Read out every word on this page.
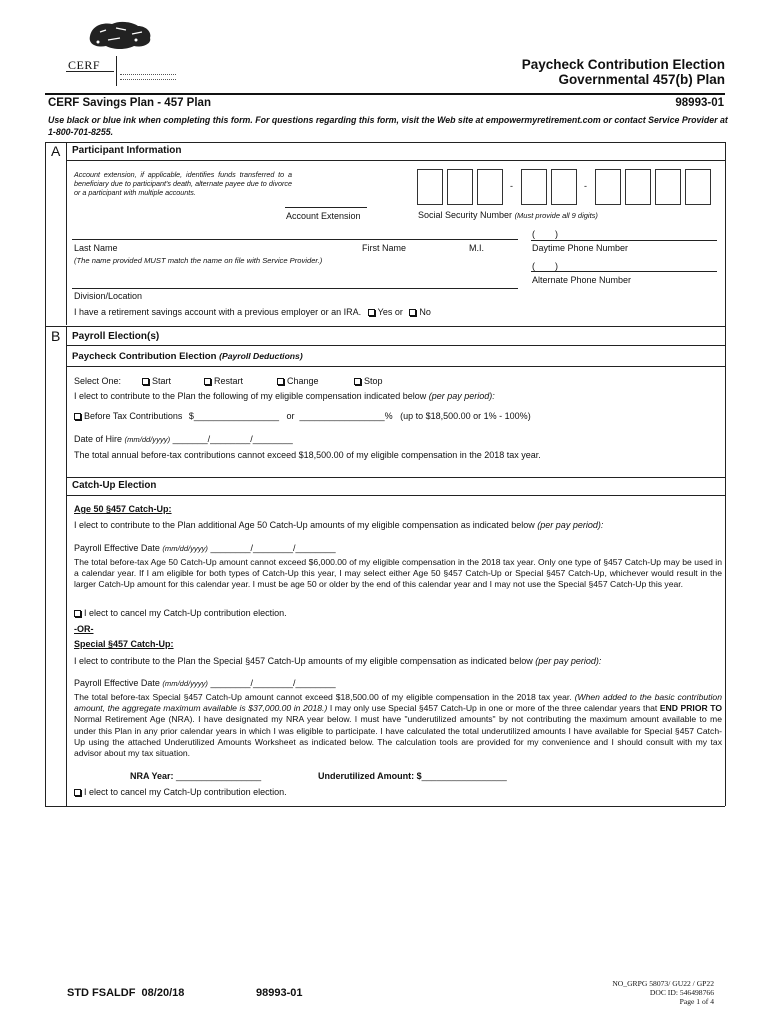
CERF	Paycheck Contribution Election
Governmental 457(b) Plan
CERF Savings Plan - 457 Plan	98993-01
Use black or blue ink when completing this form. For questions regarding this form, visit the Web site at empowermyretirement.com or contact Service Provider at 1-800-701-8255.
A Participant Information
Account extension, if applicable, identifies funds transferred to a beneficiary due to participant's death, alternate payee due to divorce or a participant with multiple accounts.
Account Extension
-	-
Social Security Number (Must provide all 9 digits)
Last Name	First Name	M.I.
(The name provided MUST match the name on file with Service Provider.)
(        )
Daytime Phone Number
(        )
Alternate Phone Number
Division/Location
I have a retirement savings account with a previous employer or an IRA. Yes or No
B Payroll Election(s)
Paycheck Contribution Election (Payroll Deductions)
Select One:	Start	Restart	Change	Stop
I elect to contribute to the Plan the following of my eligible compensation indicated below (per pay period):
Before Tax Contributions $_________________   or  _________________%   (up to $18,500.00 or 1% - 100%)
Date of Hire (mm/dd/yyyy) _______/________/________
The total annual before-tax contributions cannot exceed $18,500.00 of my eligible compensation in the 2018 tax year.
Catch-Up Election
Age 50 §457 Catch-Up:
I elect to contribute to the Plan additional Age 50 Catch-Up amounts of my eligible compensation as indicated below (per pay period):
Payroll Effective Date (mm/dd/yyyy) ________/________/________
The total before-tax Age 50 Catch-Up amount cannot exceed $6,000.00 of my eligible compensation in the 2018 tax year. Only one type of §457 Catch-Up may be used in a calendar year. If I am eligible for both types of Catch-Up this year, I may select either Age 50 §457 Catch-Up or Special §457 Catch-Up, whichever would result in the larger Catch-Up amount for this calendar year. I must be age 50 or older by the end of this calendar year and I may not use the Special §457 Catch-Up this year.
I elect to cancel my Catch-Up contribution election.
-OR-
Special §457 Catch-Up:
I elect to contribute to the Plan the Special §457 Catch-Up amounts of my eligible compensation as indicated below (per pay period):
Payroll Effective Date (mm/dd/yyyy) ________/________/________
The total before-tax Special §457 Catch-Up amount cannot exceed $18,500.00 of my eligible compensation in the 2018 tax year. (When added to the basic contribution amount, the aggregate maximum available is $37,000.00 in 2018.) I may only use Special §457 Catch-Up in one or more of the three calendar years that END PRIOR TO Normal Retirement Age (NRA). I have designated my NRA year below. I must have "underutilized amounts" by not contributing the maximum amount available to me under this Plan in any prior calendar years in which I was eligible to participate. I have calculated the total underutilized amounts I have available for Special §457 Catch-Up using the attached Underutilized Amounts Worksheet as indicated below. The calculation tools are provided for my convenience and I should consult with my tax advisor about my tax situation.
NRA Year: _________________	Underutilized Amount: $_________________
I elect to cancel my Catch-Up contribution election.
STD FSALDF  08/20/18	98993-01
NO_GRPG 58073/ GU22 / GP22
DOC ID: 546498766
Page 1 of 4
